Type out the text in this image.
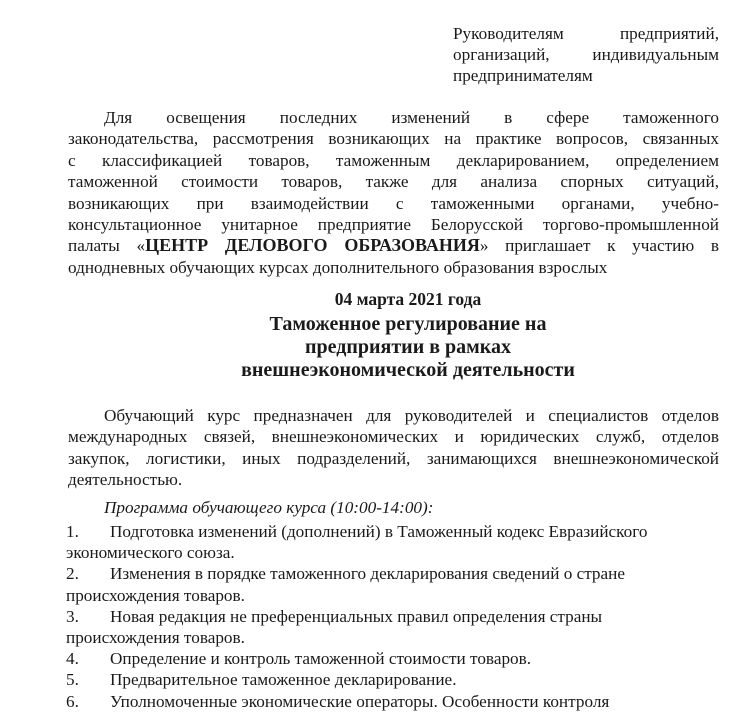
Руководителям предприятий,
организаций, индивидуальным
предпринимателям
Для освещения последних изменений в сфере таможенного
законодательства, рассмотрения возникающих на практике вопросов, связанных
с классификацией товаров, таможенным декларированием, определением
таможенной стоимости товаров, также для анализа спорных ситуаций,
возникающих при взаимодействии с таможенными органами, учебно-
консультационное унитарное предприятие Белорусской торгово-промышленной
палаты «ЦЕНТР ДЕЛОВОГО ОБРАЗОВАНИЯ» приглашает к участию в
однодневных обучающих курсах дополнительного образования взрослых
04 марта 2021 года
Таможенное регулирование на
предприятии в рамках
внешнеэкономической деятельности
Обучающий курс предназначен для руководителей и специалистов отделов
международных связей, внешнеэкономических и юридических служб, отделов
закупок, логистики, иных подразделений, занимающихся внешнеэкономической
деятельностью.
Программа обучающего курса (10:00-14:00):
1.	Подготовка изменений (дополнений) в Таможенный кодекс Евразийского
экономического союза.
2.	Изменения в порядке таможенного декларирования сведений о стране
происхождения товаров.
3.	Новая редакция не преференциальных правил определения страны
происхождения товаров.
4.	Определение и контроль таможенной стоимости товаров.
5.	Предварительное таможенное декларирование.
6.	Уполномоченные экономические операторы. Особенности контроля
